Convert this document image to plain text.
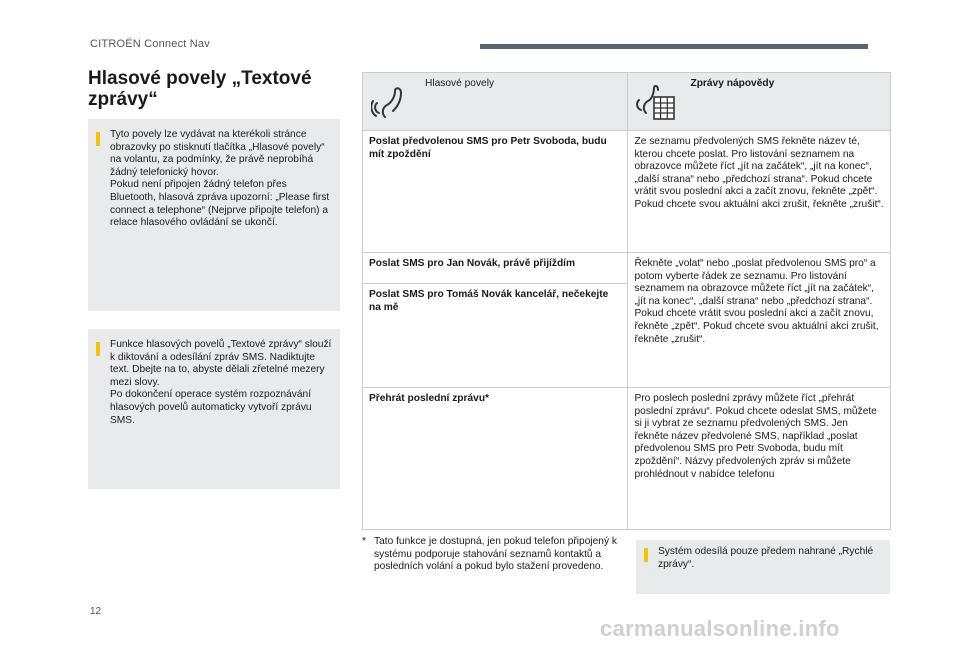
CITROËN Connect Nav
Hlasové povely „Textové zprávy“

Tyto povely lze vydávat na kterékoli stránce obrazovky po stisknutí tlačítka „Hlasové povely“ na volantu, za podmínky, že právě neprobíhá žádný telefonický hovor.

Pokud není připojen žádný telefon přes Bluetooth, hlasová zpráva upozorní: „Please first connect a telephone“ (Nejprve připojte telefon) a relace hlasového ovládání se ukončí.

Funkce hlasových povelů „Textové zprávy“ slouží k diktování a odesílání zpráv SMS. Nadiktujte text. Dbejte na to, abyste dělali zřetelné mezery mezi slovy.

Po dokončení operace systém rozpoznávání hlasových povelů automaticky vytvoří zprávu SMS.

Hlasové povely	Zprávy nápovědy

Poslat předvolenou SMS pro Petr Svoboda, budu mít zpoždění	Ze seznamu předvolených SMS řekněte název té, kterou chcete poslat. Pro listování seznamem na obrazovce můžete říct „jít na začátek“, „jít na konec“, „další strana“ nebo „předchozí strana“. Pokud chcete vrátit svou poslední akci a začít znovu, řekněte „zpět“. Pokud chcete svou aktuální akci zrušit, řekněte „zrušit“.
Poslat SMS pro Jan Novák, právě přijíždím	Řekněte „volat“ nebo „poslat předvolenou SMS pro“ a potom vyberte řádek ze seznamu. Pro listování seznamem na obrazovce můžete říct „jít na začátek“, „jít na konec“, „další strana“ nebo „předchozí strana“. Pokud chcete vrátit svou poslední akci a začít znovu, řekněte „zpět“. Pokud chcete svou aktuální akci zrušit, řekněte „zrušit“.
Poslat SMS pro Tomáš Novák kancelář, nečekejte na mě	
Přehrát poslední zprávu*	Pro poslech poslední zprávy můžete říct „přehrát poslední zprávu“. Pokud chcete odeslat SMS, můžete si ji vybrat ze seznamu předvolených SMS. Jen řekněte název předvolené SMS, například „poslat předvolenou SMS pro Petr Svoboda, budu mít zpoždění“. Názvy předvolených zpráv si můžete prohlédnout v nabídce telefonu
* Tato funkce je dostupná, jen pokud telefon připojený k systému podporuje stahování seznamů kontaktů a posledních volání a pokud bylo stažení provedeno.
Systém odesílá pouze předem nahrané „Rychlé zprávy“.
12
carmanualsonline.info
